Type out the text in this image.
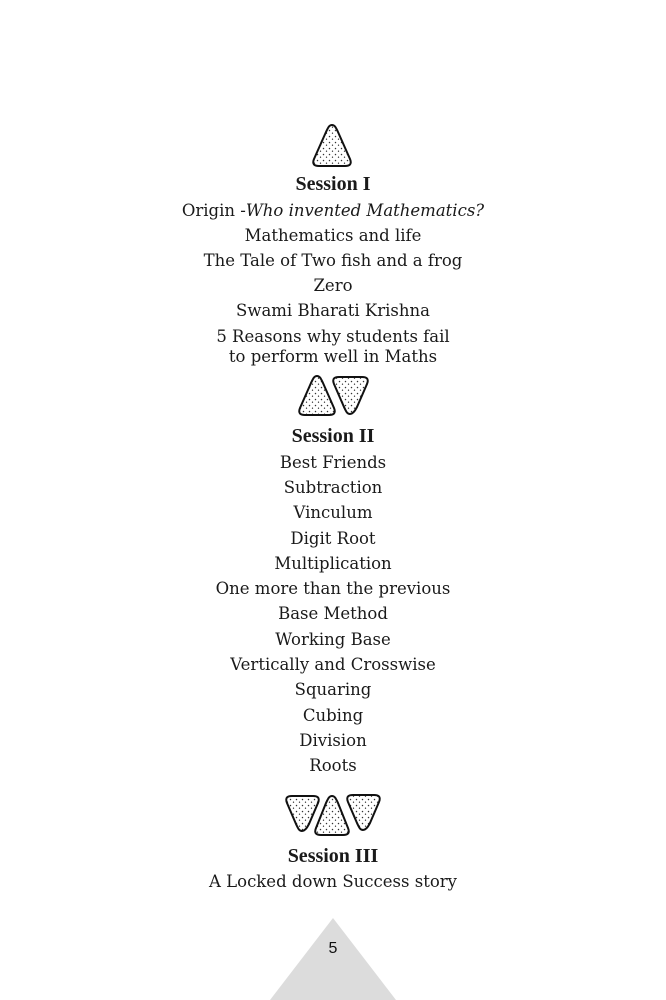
Session I
Origin -Who invented Mathematics?
Mathematics and life
The Tale of Two fish and a frog
Zero
Swami Bharati Krishna
5 Reasons why students fail
to perform well in Maths
Session II
Best Friends
Subtraction
Vinculum
Digit Root
Multiplication
One more than the previous
Base Method
Working Base
Vertically and Crosswise
Squaring
Cubing
Division
Roots
Session III
A Locked down Success story
5
